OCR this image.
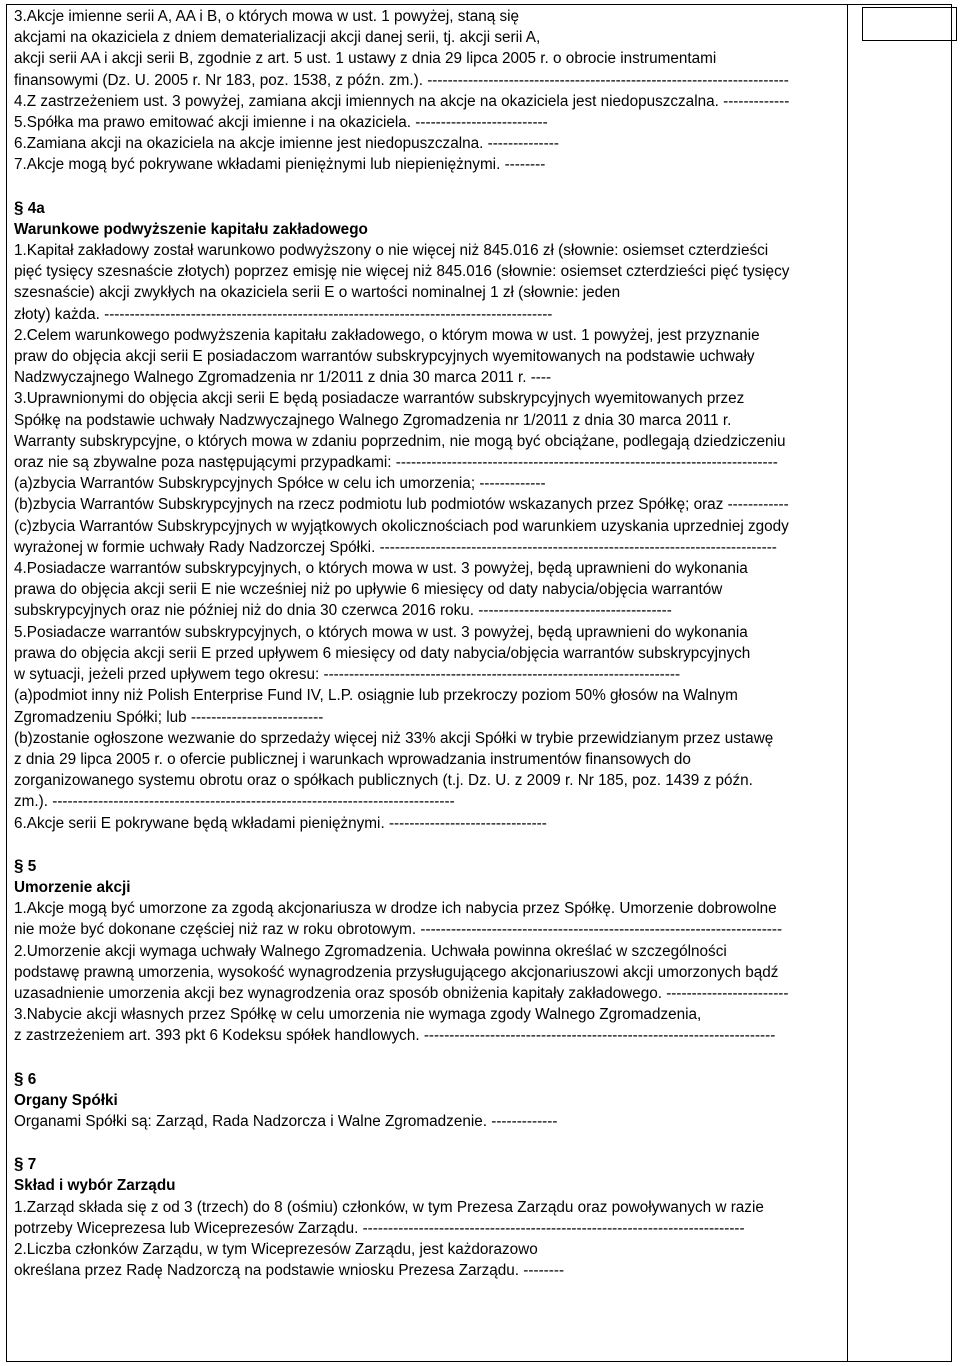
3.Akcje imienne serii A, AA i B, o których mowa w ust. 1 powyżej, staną się

akcjami na okaziciela z dniem dematerializacji akcji danej serii, tj. akcji serii A,

akcji serii AA i akcji serii B, zgodnie z art. 5 ust. 1 ustawy z dnia 29 lipca 2005 r. o obrocie instrumentami

finansowymi (Dz. U. 2005 r. Nr 183, poz. 1538, z późn. zm.). -----------------------------------------------------------------------

4.Z zastrzeżeniem ust. 3 powyżej, zamiana akcji imiennych na akcje na okaziciela jest niedopuszczalna. -------------

5.Spółka ma prawo emitować akcji imienne i na okaziciela. --------------------------

6.Zamiana akcji na okaziciela na akcje imienne jest niedopuszczalna. --------------

7.Akcje mogą być pokrywane wkładami pieniężnymi lub niepieniężnymi. --------

§ 4a

Warunkowe podwyższenie kapitału zakładowego

1.Kapitał zakładowy został warunkowo podwyższony o nie więcej niż 845.016 zł (słownie: osiemset czterdzieści

pięć tysięcy szesnaście złotych) poprzez emisję nie więcej niż 845.016 (słownie: osiemset czterdzieści pięć tysięcy

szesnaście) akcji zwykłych na okaziciela serii E o wartości nominalnej 1 zł (słownie: jeden

złoty) każda. ----------------------------------------------------------------------------------------

2.Celem warunkowego podwyższenia kapitału zakładowego, o którym mowa w ust. 1 powyżej, jest przyznanie

praw do objęcia akcji serii E posiadaczom warrantów subskrypcyjnych wyemitowanych na podstawie uchwały

Nadzwyczajnego Walnego Zgromadzenia nr 1/2011 z dnia 30 marca 2011 r. ----

3.Uprawnionymi do objęcia akcji serii E będą posiadacze warrantów subskrypcyjnych wyemitowanych przez

Spółkę na podstawie uchwały Nadzwyczajnego Walnego Zgromadzenia nr 1/2011 z dnia 30 marca 2011 r.

Warranty subskrypcyjne, o których mowa w zdaniu poprzednim, nie mogą być obciążane, podlegają dziedziczeniu

oraz nie są zbywalne poza następującymi przypadkami: ---------------------------------------------------------------------------

(a)zbycia Warrantów Subskrypcyjnych Spółce w celu ich umorzenia; -------------

(b)zbycia Warrantów Subskrypcyjnych na rzecz podmiotu lub podmiotów wskazanych przez Spółkę; oraz ------------

(c)zbycia Warrantów Subskrypcyjnych w wyjątkowych okolicznościach pod warunkiem uzyskania uprzedniej zgody

wyrażonej w formie uchwały Rady Nadzorczej Spółki. ------------------------------------------------------------------------------

4.Posiadacze warrantów subskrypcyjnych, o których mowa w ust. 3 powyżej, będą uprawnieni do wykonania

prawa do objęcia akcji serii E nie wcześniej niż po upływie 6 miesięcy od daty nabycia/objęcia warrantów

subskrypcyjnych oraz nie później niż do dnia 30 czerwca 2016 roku. --------------------------------------

5.Posiadacze warrantów subskrypcyjnych, o których mowa w ust. 3 powyżej, będą uprawnieni do wykonania

prawa do objęcia akcji serii E przed upływem 6 miesięcy od daty nabycia/objęcia warrantów subskrypcyjnych

w sytuacji, jeżeli przed upływem tego okresu: ----------------------------------------------------------------------

(a)podmiot inny niż Polish Enterprise Fund IV, L.P. osiągnie lub przekroczy poziom 50% głosów na Walnym

Zgromadzeniu Spółki; lub --------------------------

(b)zostanie ogłoszone wezwanie do sprzedaży więcej niż 33% akcji Spółki w trybie przewidzianym przez ustawę

z dnia 29 lipca 2005 r. o ofercie publicznej i warunkach wprowadzania instrumentów finansowych do

zorganizowanego systemu obrotu oraz o spółkach publicznych (t.j. Dz. U. z 2009 r. Nr 185, poz. 1439 z późn.

zm.). -------------------------------------------------------------------------------

6.Akcje serii E pokrywane będą wkładami pieniężnymi. -------------------------------

§ 5

Umorzenie akcji

1.Akcje mogą być umorzone za zgodą akcjonariusza w drodze ich nabycia przez Spółkę. Umorzenie dobrowolne

nie może być dokonane częściej niż raz w roku obrotowym. -----------------------------------------------------------------------

2.Umorzenie akcji wymaga uchwały Walnego Zgromadzenia. Uchwała powinna określać w szczególności

podstawę prawną umorzenia, wysokość wynagrodzenia przysługującego akcjonariuszowi akcji umorzonych bądź

uzasadnienie umorzenia akcji bez wynagrodzenia oraz sposób obniżenia kapitały zakładowego. ------------------------

3.Nabycie akcji własnych przez Spółkę w celu umorzenia nie wymaga zgody Walnego Zgromadzenia,

z zastrzeżeniem art. 393 pkt 6 Kodeksu spółek handlowych. ---------------------------------------------------------------------

§ 6

Organy Spółki

Organami Spółki są: Zarząd, Rada Nadzorcza i Walne Zgromadzenie. -------------

§ 7

Skład i wybór Zarządu

1.Zarząd składa się z od 3 (trzech) do 8 (ośmiu) członków, w tym Prezesa Zarządu oraz powoływanych w razie

potrzeby Wiceprezesa lub Wiceprezesów Zarządu. ---------------------------------------------------------------------------

2.Liczba członków Zarządu, w tym Wiceprezesów Zarządu, jest każdorazowo

określana przez Radę Nadzorczą na podstawie wniosku Prezesa Zarządu. --------
